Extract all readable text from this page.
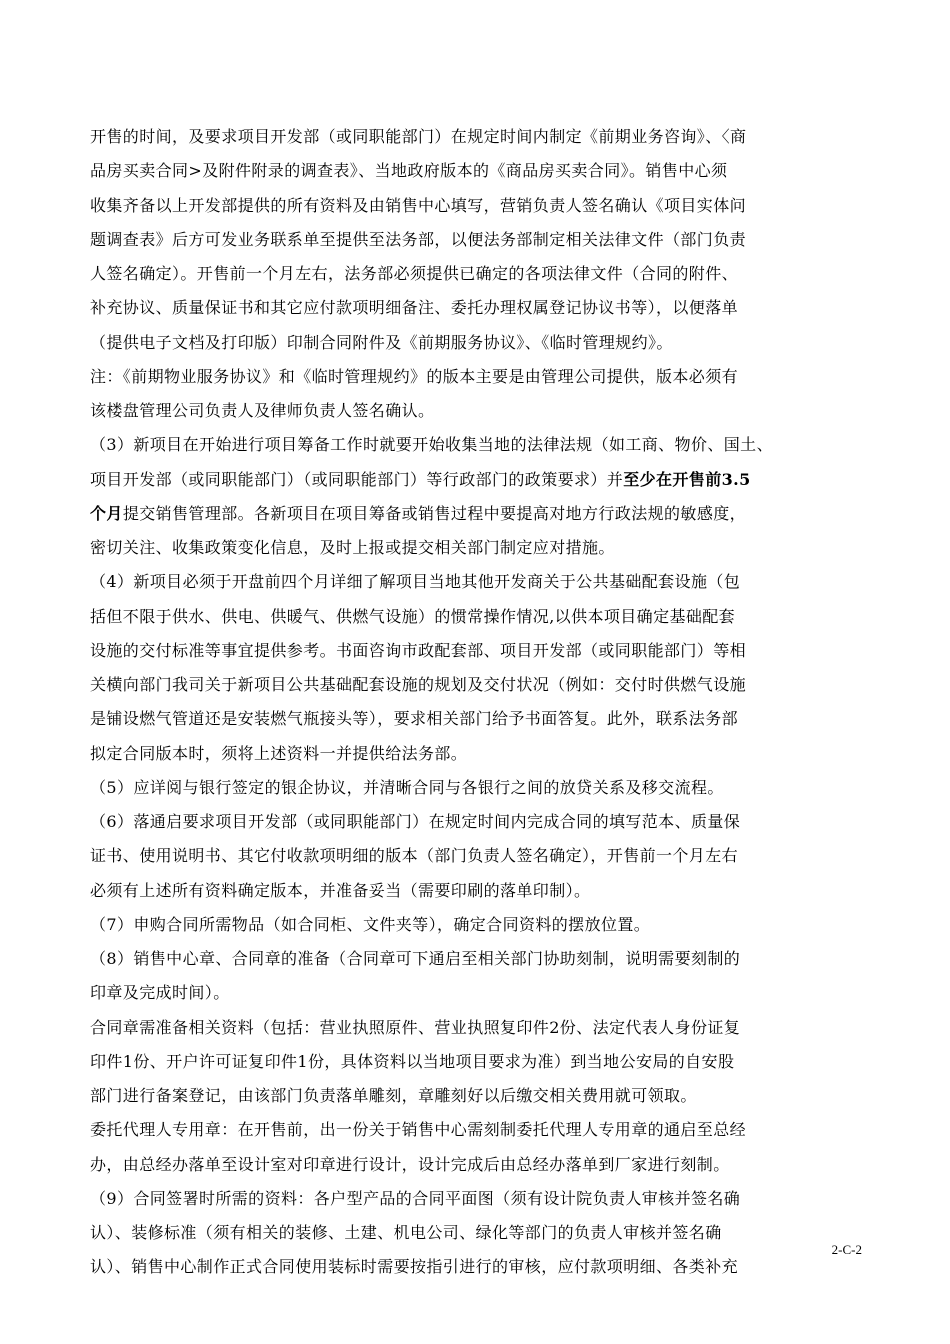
开售的时间，及要求项目开发部（或同职能部门）在规定时间内制定《前期业务咨询》、〈商
品房买卖合同>及附件附录的调查表》、当地政府版本的《商品房买卖合同》。销售中心须
收集齐备以上开发部提供的所有资料及由销售中心填写，营销负责人签名确认《项目实体问
题调查表》后方可发业务联系单至提供至法务部，以便法务部制定相关法律文件（部门负责
人签名确定）。开售前一个月左右，法务部必须提供已确定的各项法律文件（合同的附件、
补充协议、质量保证书和其它应付款项明细备注、委托办理权属登记协议书等），以便落单
（提供电子文档及打印版）印制合同附件及《前期服务协议》、《临时管理规约》。
注：《前期物业服务协议》和《临时管理规约》的版本主要是由管理公司提供，版本必须有
该楼盘管理公司负责人及律师负责人签名确认。
（3）新项目在开始进行项目筹备工作时就要开始收集当地的法律法规（如工商、物价、国土、
项目开发部（或同职能部门）（或同职能部门）等行政部门的政策要求）并至少在开售前3.5
个月提交销售管理部。各新项目在项目筹备或销售过程中要提高对地方行政法规的敏感度，
密切关注、收集政策变化信息，及时上报或提交相关部门制定应对措施。
（4）新项目必须于开盘前四个月详细了解项目当地其他开发商关于公共基础配套设施（包
括但不限于供水、供电、供暖气、供燃气设施）的惯常操作情况,以供本项目确定基础配套
设施的交付标准等事宜提供参考。书面咨询市政配套部、项目开发部（或同职能部门）等相
关横向部门我司关于新项目公共基础配套设施的规划及交付状况（例如：交付时供燃气设施
是铺设燃气管道还是安装燃气瓶接头等），要求相关部门给予书面答复。此外，联系法务部
拟定合同版本时，须将上述资料一并提供给法务部。
（5）应详阅与银行签定的银企协议，并清晰合同与各银行之间的放贷关系及移交流程。
（6）落通启要求项目开发部（或同职能部门）在规定时间内完成合同的填写范本、质量保
证书、使用说明书、其它付收款项明细的版本（部门负责人签名确定），开售前一个月左右
必须有上述所有资料确定版本，并准备妥当（需要印刷的落单印制）。
（7）申购合同所需物品（如合同柜、文件夹等），确定合同资料的摆放位置。
（8）销售中心章、合同章的准备（合同章可下通启至相关部门协助刻制，说明需要刻制的
印章及完成时间）。
合同章需准备相关资料（包括：营业执照原件、营业执照复印件2份、法定代表人身份证复
印件1份、开户许可证复印件1份，具体资料以当地项目要求为准）到当地公安局的自安股
部门进行备案登记，由该部门负责落单雕刻，章雕刻好以后缴交相关费用就可领取。
委托代理人专用章：在开售前，出一份关于销售中心需刻制委托代理人专用章的通启至总经
办，由总经办落单至设计室对印章进行设计，设计完成后由总经办落单到厂家进行刻制。
（9）合同签署时所需的资料：各户型产品的合同平面图（须有设计院负责人审核并签名确
认）、装修标准（须有相关的装修、土建、机电公司、绿化等部门的负责人审核并签名确
认）、销售中心制作正式合同使用装标时需要按指引进行的审核，应付款项明细、各类补充
2-C-2
